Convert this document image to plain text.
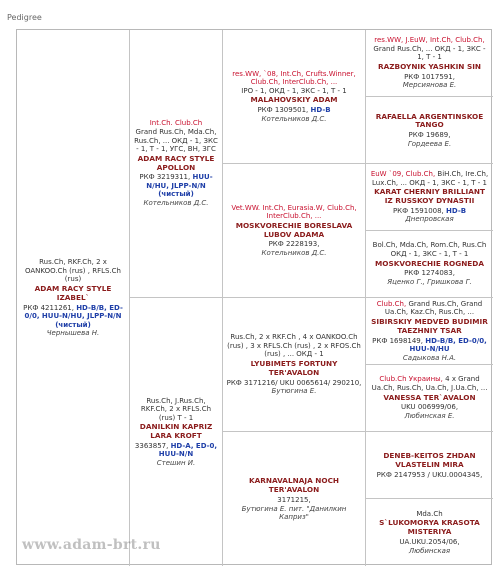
Pedigree
Rus.Ch, RKF.Ch, 2 x OANKOO.Ch (rus) , RFLS.Ch (rus)
ADAM RACY STYLE IZABEL`
РКФ 4211261, HD-B/B, ED-0/0, HUU-N/HU, JLPP-N/N (чистый)
Чернышева Н.
Int.Ch. Club.Ch
Grand Rus.Ch, Mda.Ch, Rus.Ch, ... ОКД - 1, ЗКС - 1, Т - 1, УГС, ВН, ЗГС
ADAM RACY STYLE APOLLON
РКФ 3219311, HUU-N/HU, JLPP-N/N (чистый)
Котельников Д.С.
Rus.Ch, J.Rus.Ch, RKF.Ch, 2 x RFLS.Ch (rus) Т - 1
DANILKIN KAPRIZ LARA KROFT
3363857, HD-A, ED-0, HUU-N/N
Стешин И.
res.WW, `08, Int.Ch, Crufts.Winner, Club.Ch, InterClub.Ch, ...
IPO - 1, ОКД - 1, ЗКС - 1, Т - 1
MALAHOVSKIY ADAM
РКФ 1309501, HD-B
Котельников Д.С.
Vet.WW. Int.Ch, Eurasia.W, Club.Ch, InterClub.Ch, ...
MOSKVORECHIE BORESLAVA LUBOV ADAMA
РКФ 2228193,
Котельников Д.С.
Rus.Ch, 2 x RKF.Ch , 4 x OANKOO.Ch (rus) , 3 x RFLS.Ch (rus) , 2 x RFOS.Ch (rus) , ... ОКД - 1
LYUBIMETS FORTUNY TER'AVALON
РКФ 3171216/ UKU 0065614/ 290210,
Бутюгина Е.
KARNAVALNAJA NOCH TER'AVALON
3171215,
Бутюгина Е. пит. "Данилкин Каприз"
res.WW, J.EuW, Int.Ch, Club.Ch,
Grand Rus.Ch, ... ОКД - 1, ЗКС - 1, Т - 1
RAZBOYNIK YASHKIN SIN
РКФ 1017591,
Мерсиянова Е.
RAFAELLA ARGENTINSKOE TANGO
РКФ 19689,
Гордеева Е.
EuW `09, Club.Ch, BiH.Ch, Ire.Ch, Lux.Ch, ... ОКД - 1, ЗКС - 1, Т - 1
KARAT CHERNIY BRILLIANT IZ RUSSKOY DYNASTII
РКФ 1591008, HD-B
Днепровская
Bol.Ch, Mda.Ch, Rom.Ch, Rus.Ch ОКД - 1, ЗКС - 1, Т - 1
MOSKVORECHIE ROGNEDA
РКФ 1274083,
Яценко Г., Гришкова Г.
Club.Ch, Grand Rus.Ch, Grand Ua.Ch, Kaz.Ch, Rus.Ch, ...
SIBIRSKIY MEDVED BUDIMIR TAEZHNIY TSAR
РКФ 1698149, HD-B/B, ED-0/0, HUU-N/HU
Садыкова Н.А.
Club.Ch Украины, 4 x Grand Ua.Ch, Rus.Ch, Ua.Ch, J.Ua.Ch, ...
VANESSA TER`AVALON
UKU 006999/06,
Любинская Е.
DENEB-KEITOS ZHDAN VLASTELIN MIRA
РКФ 2147953 / UKU.0004345,
Mda.Ch
S`LUKOMORYA KRASOTA MISTERIYA
UA.UKU.2054/06,
Любинская
www.adam-brt.ru
